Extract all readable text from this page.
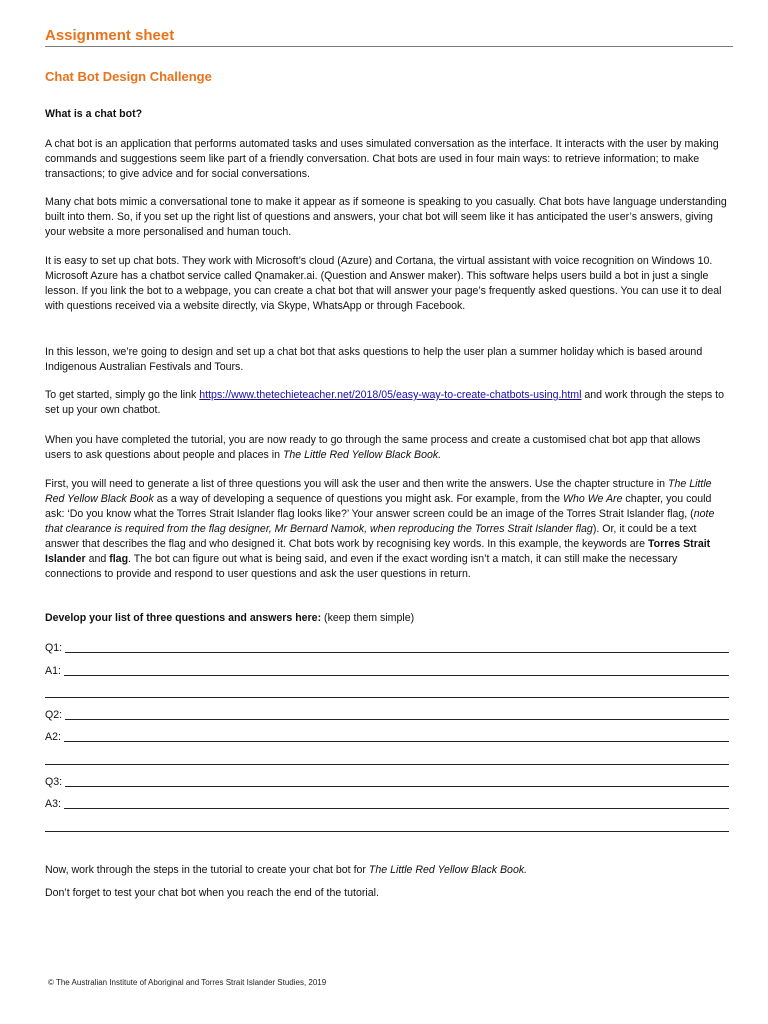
Assignment sheet
Chat Bot Design Challenge
What is a chat bot?

A chat bot is an application that performs automated tasks and uses simulated conversation as the interface. It interacts with the user by making commands and suggestions seem like part of a friendly conversation. Chat bots are used in four main ways: to retrieve information; to make transactions; to give advice and for social conversations.

Many chat bots mimic a conversational tone to make it appear as if someone is speaking to you casually. Chat bots have language understanding built into them. So, if you set up the right list of questions and answers, your chat bot will seem like it has anticipated the user’s answers, giving your website a more personalised and human touch.

It is easy to set up chat bots. They work with Microsoft’s cloud (Azure) and Cortana, the virtual assistant with voice recognition on Windows 10. Microsoft Azure has a chatbot service called Qnamaker.ai. (Question and Answer maker). This software helps users build a bot in just a single lesson. If you link the bot to a webpage, you can create a chat bot that will answer your page’s frequently asked questions. You can use it to deal with questions received via a website directly, via Skype, WhatsApp or through Facebook.

In this lesson, we’re going to design and set up a chat bot that asks questions to help the user plan a summer holiday which is based around Indigenous Australian Festivals and Tours.

To get started, simply go the link https://www.thetechieteacher.net/2018/05/easy-way-to-create-chatbots-using.html and work through the steps to set up your own chatbot.

When you have completed the tutorial, you are now ready to go through the same process and create a customised chat bot app that allows users to ask questions about people and places in The Little Red Yellow Black Book.

First, you will need to generate a list of three questions you will ask the user and then write the answers. Use the chapter structure in The Little Red Yellow Black Book as a way of developing a sequence of questions you might ask. For example, from the Who We Are chapter, you could ask: ‘Do you know what the Torres Strait Islander flag looks like?’ Your answer screen could be an image of the Torres Strait Islander flag, (note that clearance is required from the flag designer, Mr Bernard Namok, when reproducing the Torres Strait Islander flag). Or, it could be a text answer that describes the flag and who designed it. Chat bots work by recognising key words. In this example, the keywords are Torres Strait Islander and flag. The bot can figure out what is being said, and even if the exact wording isn’t a match, it can still make the necessary connections to provide and respond to user questions and ask the user questions in return.

Develop your list of three questions and answers here: (keep them simple)

Q1:
A1:
Q2:
A2:
Q3:
A3:

Now, work through the steps in the tutorial to create your chat bot for The Little Red Yellow Black Book.

Don’t forget to test your chat bot when you reach the end of the tutorial.

© The Australian Institute of Aboriginal and Torres Strait Islander Studies, 2019
